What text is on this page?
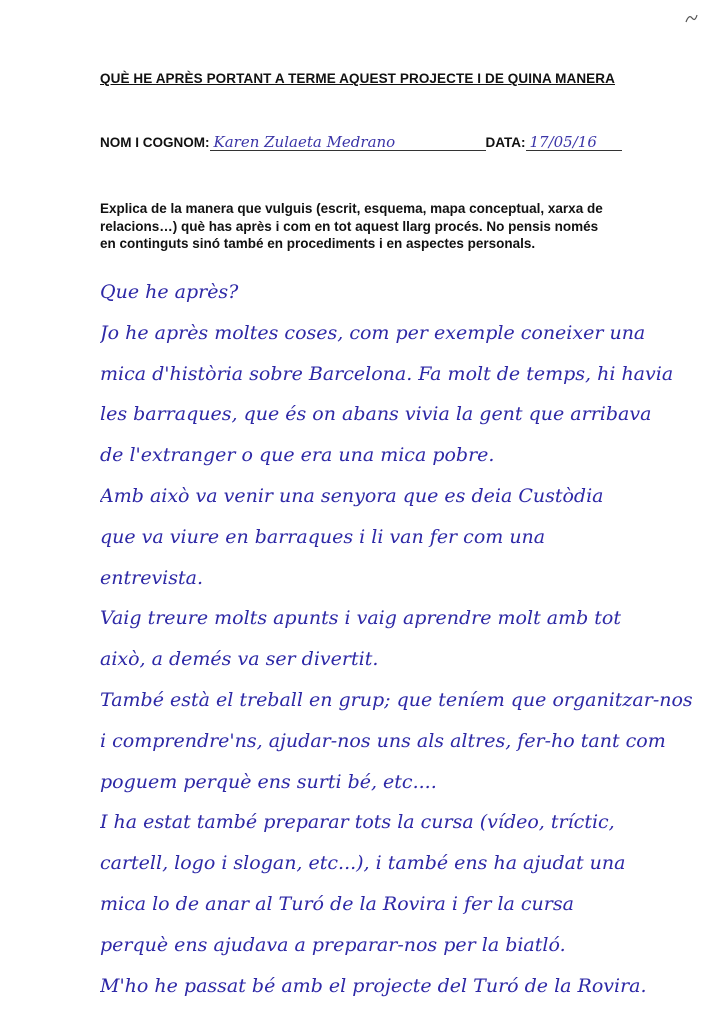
QUÈ HE APRÈS PORTANT A TERME AQUEST PROJECTE I DE QUINA MANERA
NOM I COGNOM: Karen Zulaeta Medrano	DATA: 17/05/16
Explica de la manera que vulguis (escrit, esquema, mapa conceptual, xarxa de
relacions…) què has après i com en tot aquest llarg procés. No pensis només
en continguts sinó també en procediments i en aspectes personals.
Que he après?
Jo he après moltes coses, com per exemple coneixer una
mica d'història sobre Barcelona. Fa molt de temps, hi havia
les barraques, que és on abans vivia la gent que arribava
de l'extranger o que era una mica pobre.
Amb això va venir una senyora que es deia Custòdia
que va viure en barraques i li van fer com una
entrevista.
Vaig treure molts apunts i vaig aprendre molt amb tot
això, a demés va ser divertit.
També està el treball en grup; que teníem que organitzar-nos
i comprendre'ns, ajudar-nos uns als altres, fer-ho tant com
poguem perquè ens surti bé, etc....
I ha estat també preparar tots la cursa (vídeo, tríctic,
cartell, logo i slogan, etc...), i també ens ha ajudat una
mica lo de anar al Turó de la Rovira i fer la cursa
perquè ens ajudava a preparar-nos per la biatló.
M'ho he passat bé amb el projecte del Turó de la Rovira.
